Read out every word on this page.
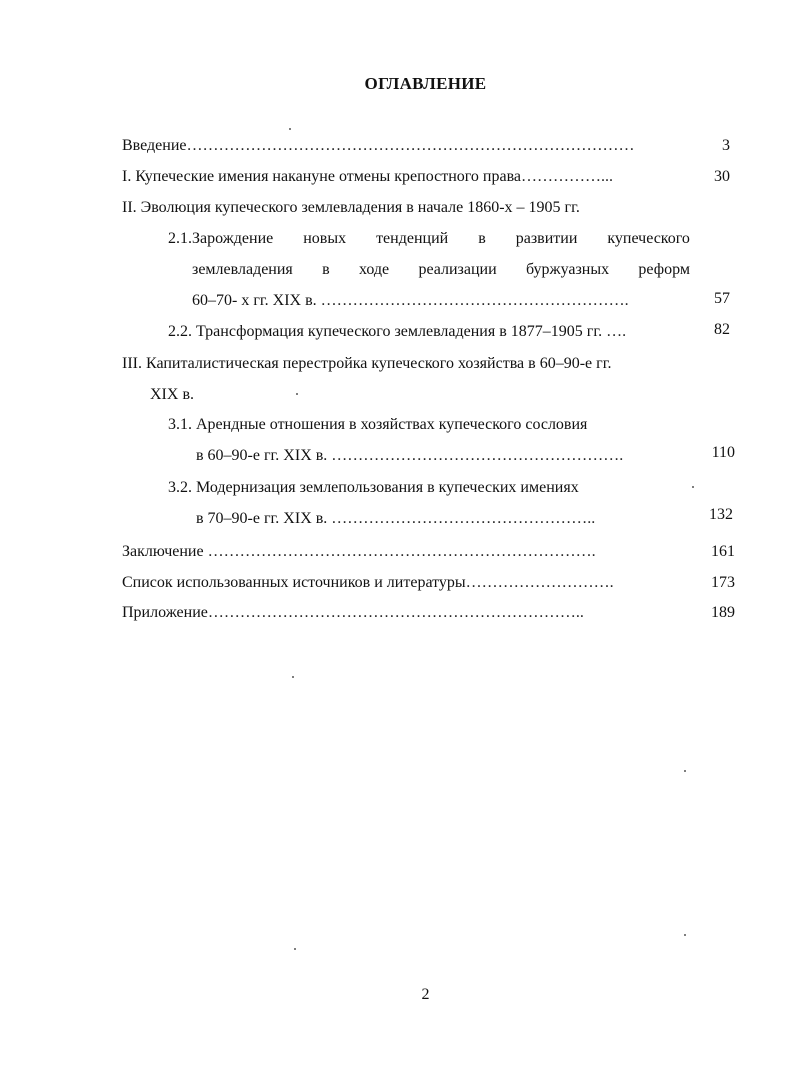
ОГЛАВЛЕНИЕ
Введение…………………………………………………………………………	3
I. Купеческие имения накануне отмены крепостного права……………...	30
II. Эволюция купеческого землевладения в начале 1860-х – 1905 гг.
2.1.Зарождение новых тенденций в развитии купеческого
землевладения в ходе реализации буржуазных реформ
60–70- х гг. XIX в. ………………………………………………….	57
2.2. Трансформация купеческого землевладения в 1877–1905 гг. ….	82
III. Капиталистическая перестройка купеческого хозяйства в 60–90-е гг.
XIX в.
3.1. Арендные отношения в хозяйствах купеческого сословия
в 60–90-е гг. XIX в. ……………………………………………….	110
3.2. Модернизация землепользования в купеческих имениях
в 70–90-е гг. XIX в. …………………………………………..	132
Заключение ……………………………………………………………….	161
Список использованных источников и литературы……………………….	173
Приложение……………………………………………………………..	189
2
